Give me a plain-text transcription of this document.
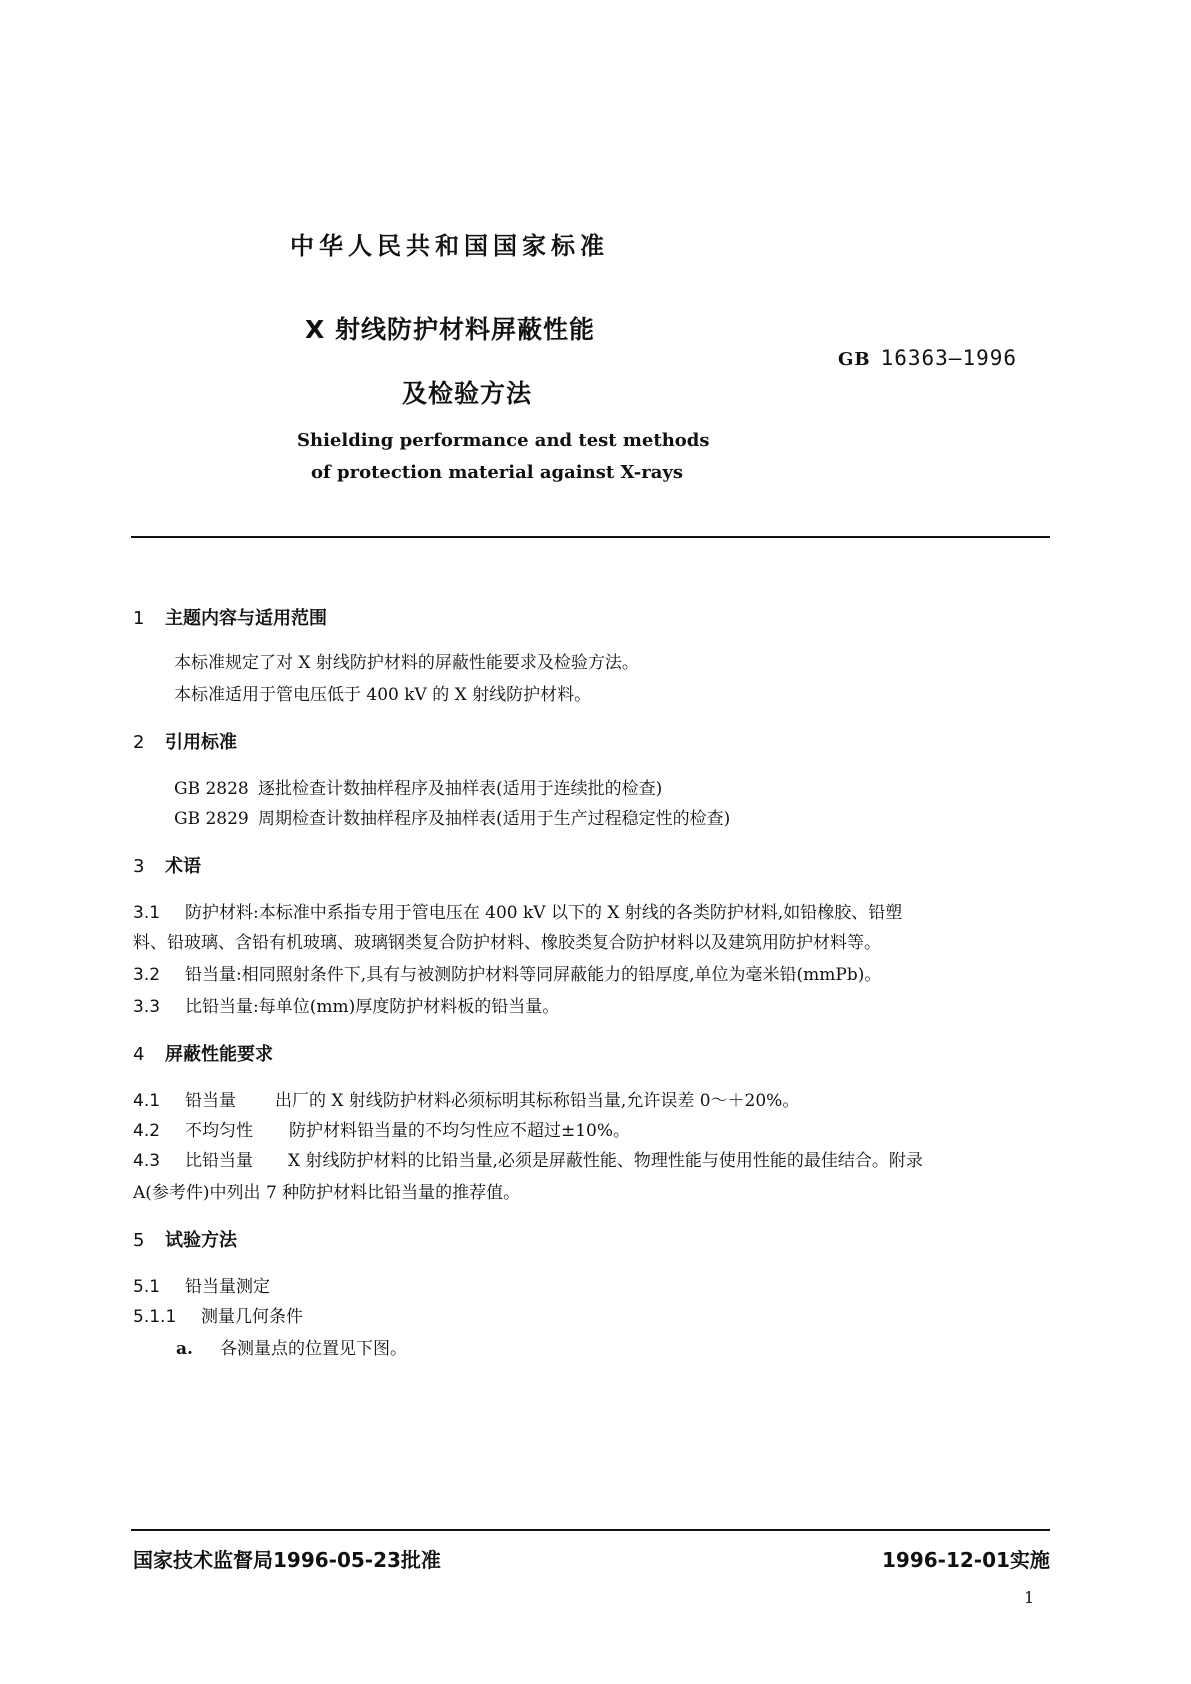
中华人民共和国国家标准
X 射线防护材料屏蔽性能
及检验方法
GB 16363—1996
Shielding performance and test methods
of protection material against X-rays
1 主题内容与适用范围
本标准规定了对 X 射线防护材料的屏蔽性能要求及检验方法。
本标准适用于管电压低于 400 kV 的 X 射线防护材料。
2 引用标准
GB 2828 逐批检查计数抽样程序及抽样表(适用于连续批的检查)
GB 2829 周期检查计数抽样程序及抽样表(适用于生产过程稳定性的检查)
3 术语
3.1 防护材料:本标准中系指专用于管电压在 400 kV 以下的 X 射线的各类防护材料,如铅橡胶、铅塑
料、铅玻璃、含铅有机玻璃、玻璃钢类复合防护材料、橡胶类复合防护材料以及建筑用防护材料等。
3.2 铅当量:相同照射条件下,具有与被测防护材料等同屏蔽能力的铅厚度,单位为毫米铅(mmPb)。
3.3 比铅当量:每单位(mm)厚度防护材料板的铅当量。
4 屏蔽性能要求
4.1 铅当量 出厂的 X 射线防护材料必须标明其标称铅当量,允许误差 0～＋20%。
4.2 不均匀性 防护材料铅当量的不均匀性应不超过±10%。
4.3 比铅当量 X 射线防护材料的比铅当量,必须是屏蔽性能、物理性能与使用性能的最佳结合。附录
A(参考件)中列出 7 种防护材料比铅当量的推荐值。
5 试验方法
5.1 铅当量测定
5.1.1 测量几何条件
a. 各测量点的位置见下图。
国家技术监督局1996-05-23批准	1996-12-01实施
1
